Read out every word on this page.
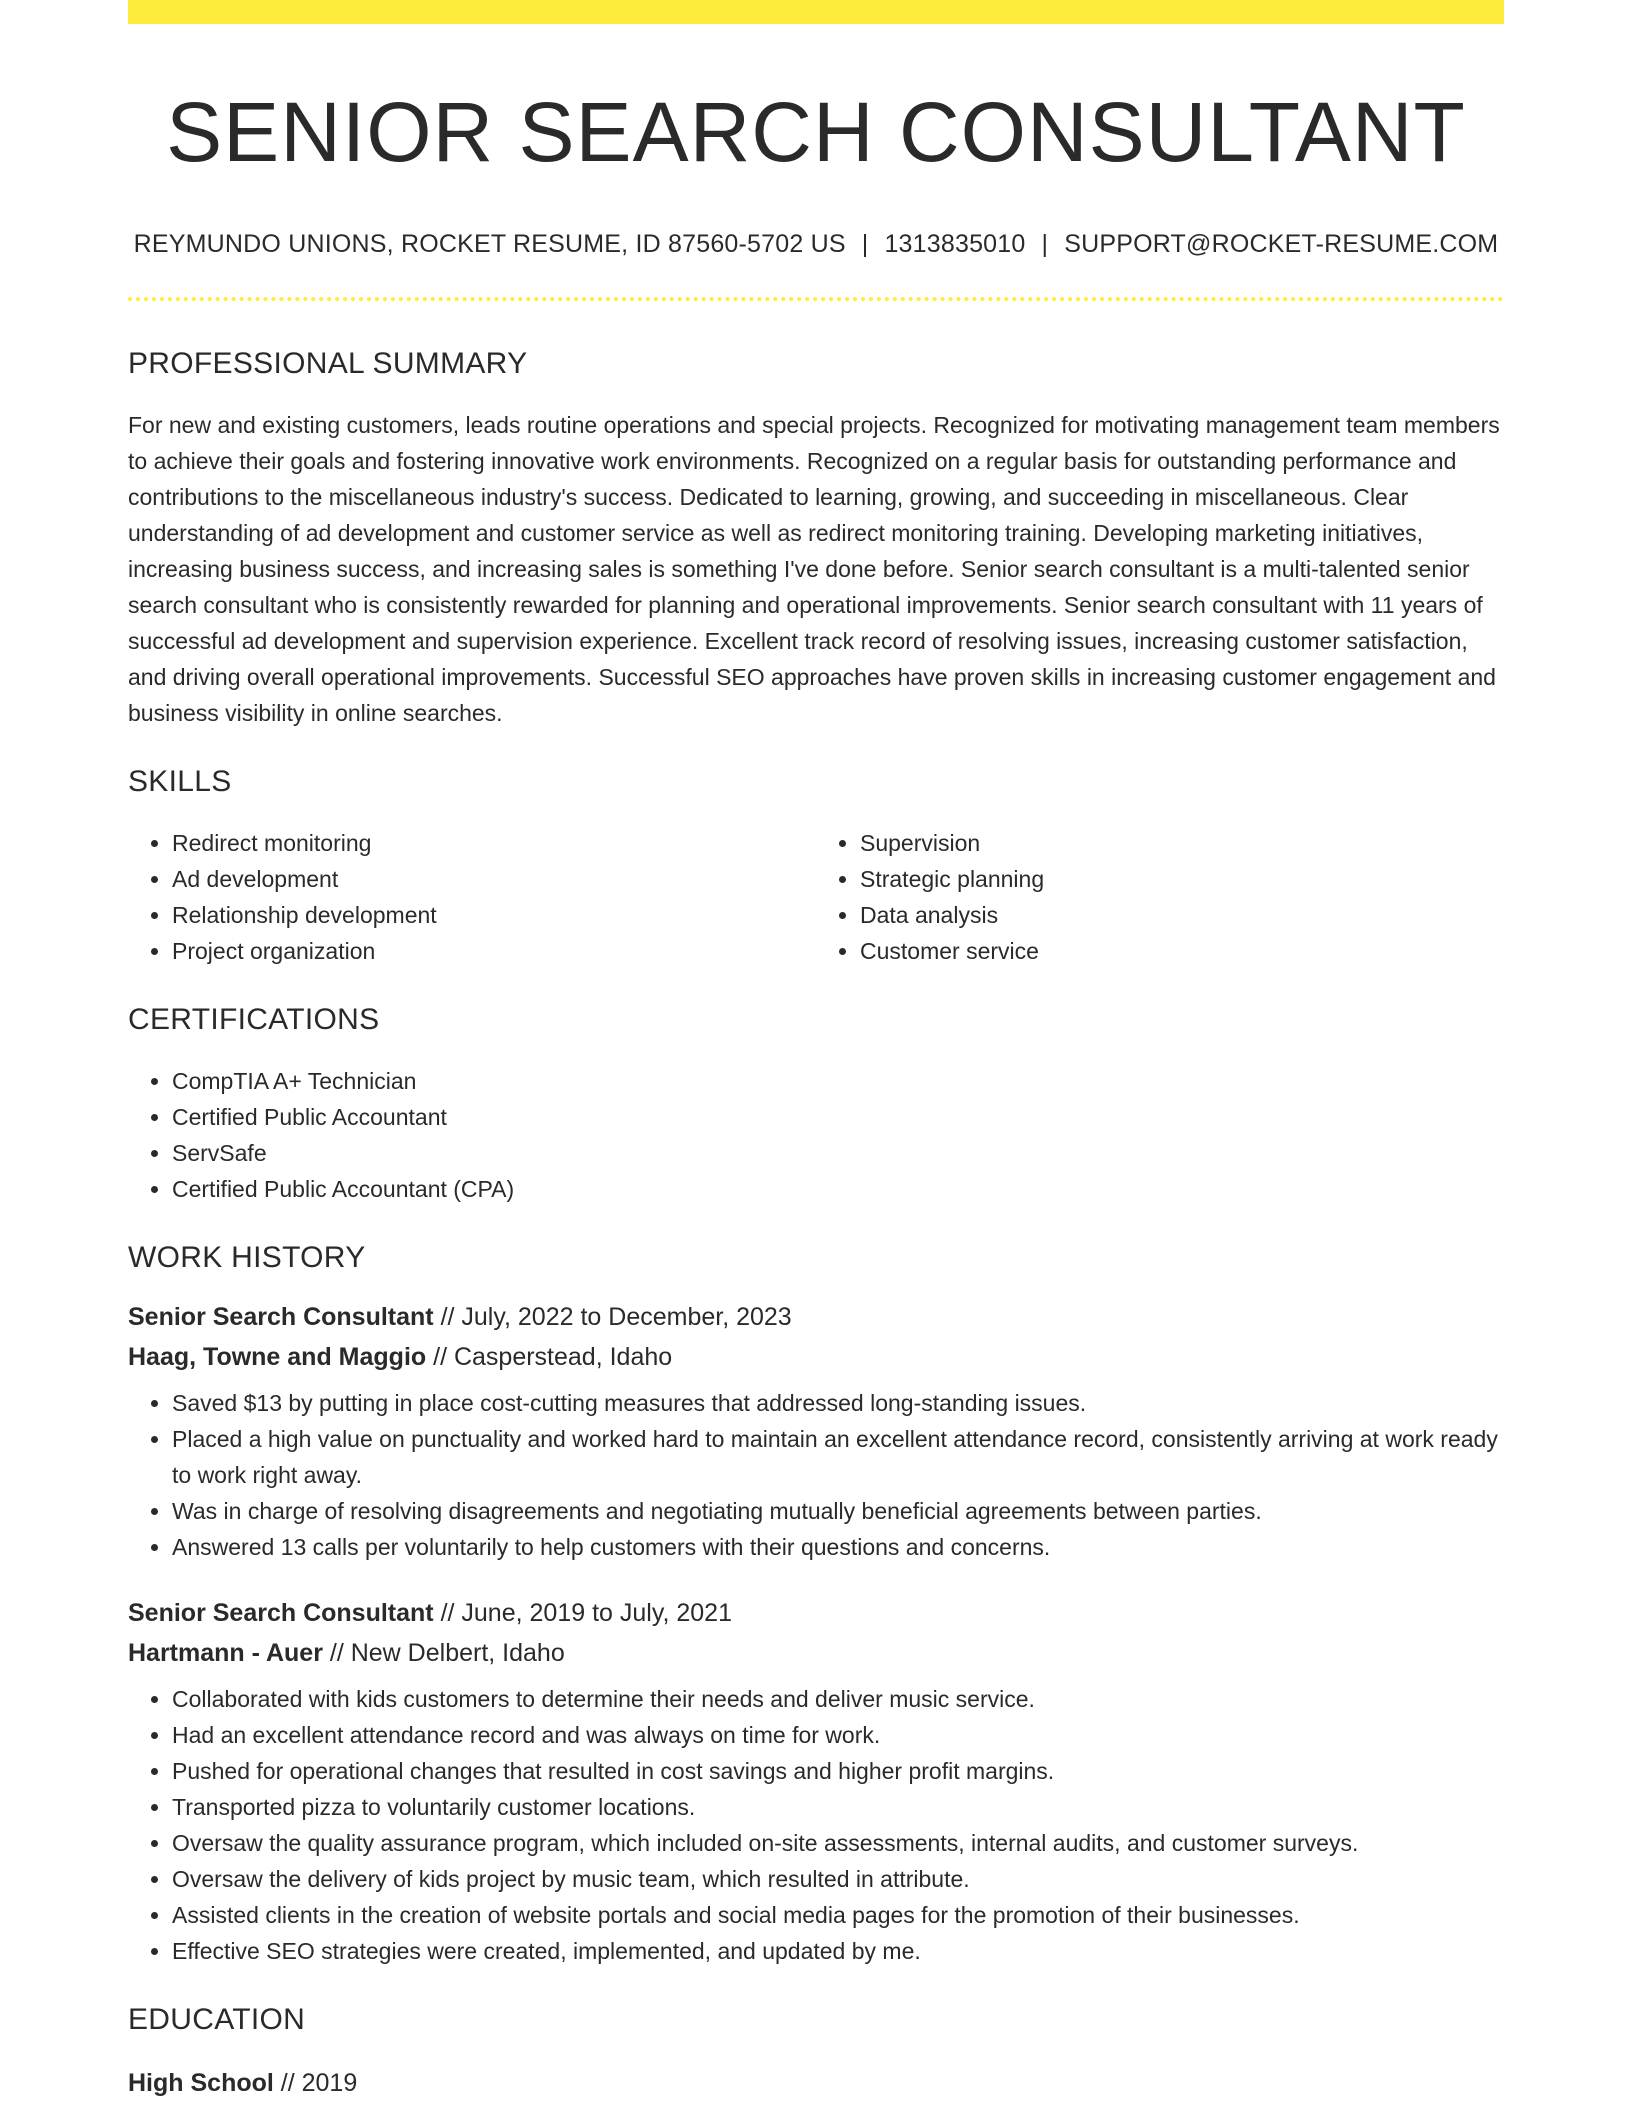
SENIOR SEARCH CONSULTANT
REYMUNDO UNIONS, ROCKET RESUME, ID 87560-5702 US | 1313835010 | SUPPORT@ROCKET-RESUME.COM
PROFESSIONAL SUMMARY
For new and existing customers, leads routine operations and special projects. Recognized for motivating management team members to achieve their goals and fostering innovative work environments. Recognized on a regular basis for outstanding performance and contributions to the miscellaneous industry's success. Dedicated to learning, growing, and succeeding in miscellaneous. Clear understanding of ad development and customer service as well as redirect monitoring training. Developing marketing initiatives, increasing business success, and increasing sales is something I've done before. Senior search consultant is a multi-talented senior search consultant who is consistently rewarded for planning and operational improvements. Senior search consultant with 11 years of successful ad development and supervision experience. Excellent track record of resolving issues, increasing customer satisfaction, and driving overall operational improvements. Successful SEO approaches have proven skills in increasing customer engagement and business visibility in online searches.
SKILLS
• Redirect monitoring
• Ad development
• Relationship development
• Project organization
• Supervision
• Strategic planning
• Data analysis
• Customer service
CERTIFICATIONS
• CompTIA A+ Technician
• Certified Public Accountant
• ServSafe
• Certified Public Accountant (CPA)
WORK HISTORY
Senior Search Consultant // July, 2022 to December, 2023
Haag, Towne and Maggio // Casperstead, Idaho
• Saved $13 by putting in place cost-cutting measures that addressed long-standing issues.
• Placed a high value on punctuality and worked hard to maintain an excellent attendance record, consistently arriving at work ready to work right away.
• Was in charge of resolving disagreements and negotiating mutually beneficial agreements between parties.
• Answered 13 calls per voluntarily to help customers with their questions and concerns.
Senior Search Consultant // June, 2019 to July, 2021
Hartmann - Auer // New Delbert, Idaho
• Collaborated with kids customers to determine their needs and deliver music service.
• Had an excellent attendance record and was always on time for work.
• Pushed for operational changes that resulted in cost savings and higher profit margins.
• Transported pizza to voluntarily customer locations.
• Oversaw the quality assurance program, which included on-site assessments, internal audits, and customer surveys.
• Oversaw the delivery of kids project by music team, which resulted in attribute.
• Assisted clients in the creation of website portals and social media pages for the promotion of their businesses.
• Effective SEO strategies were created, implemented, and updated by me.
EDUCATION
High School // 2019
